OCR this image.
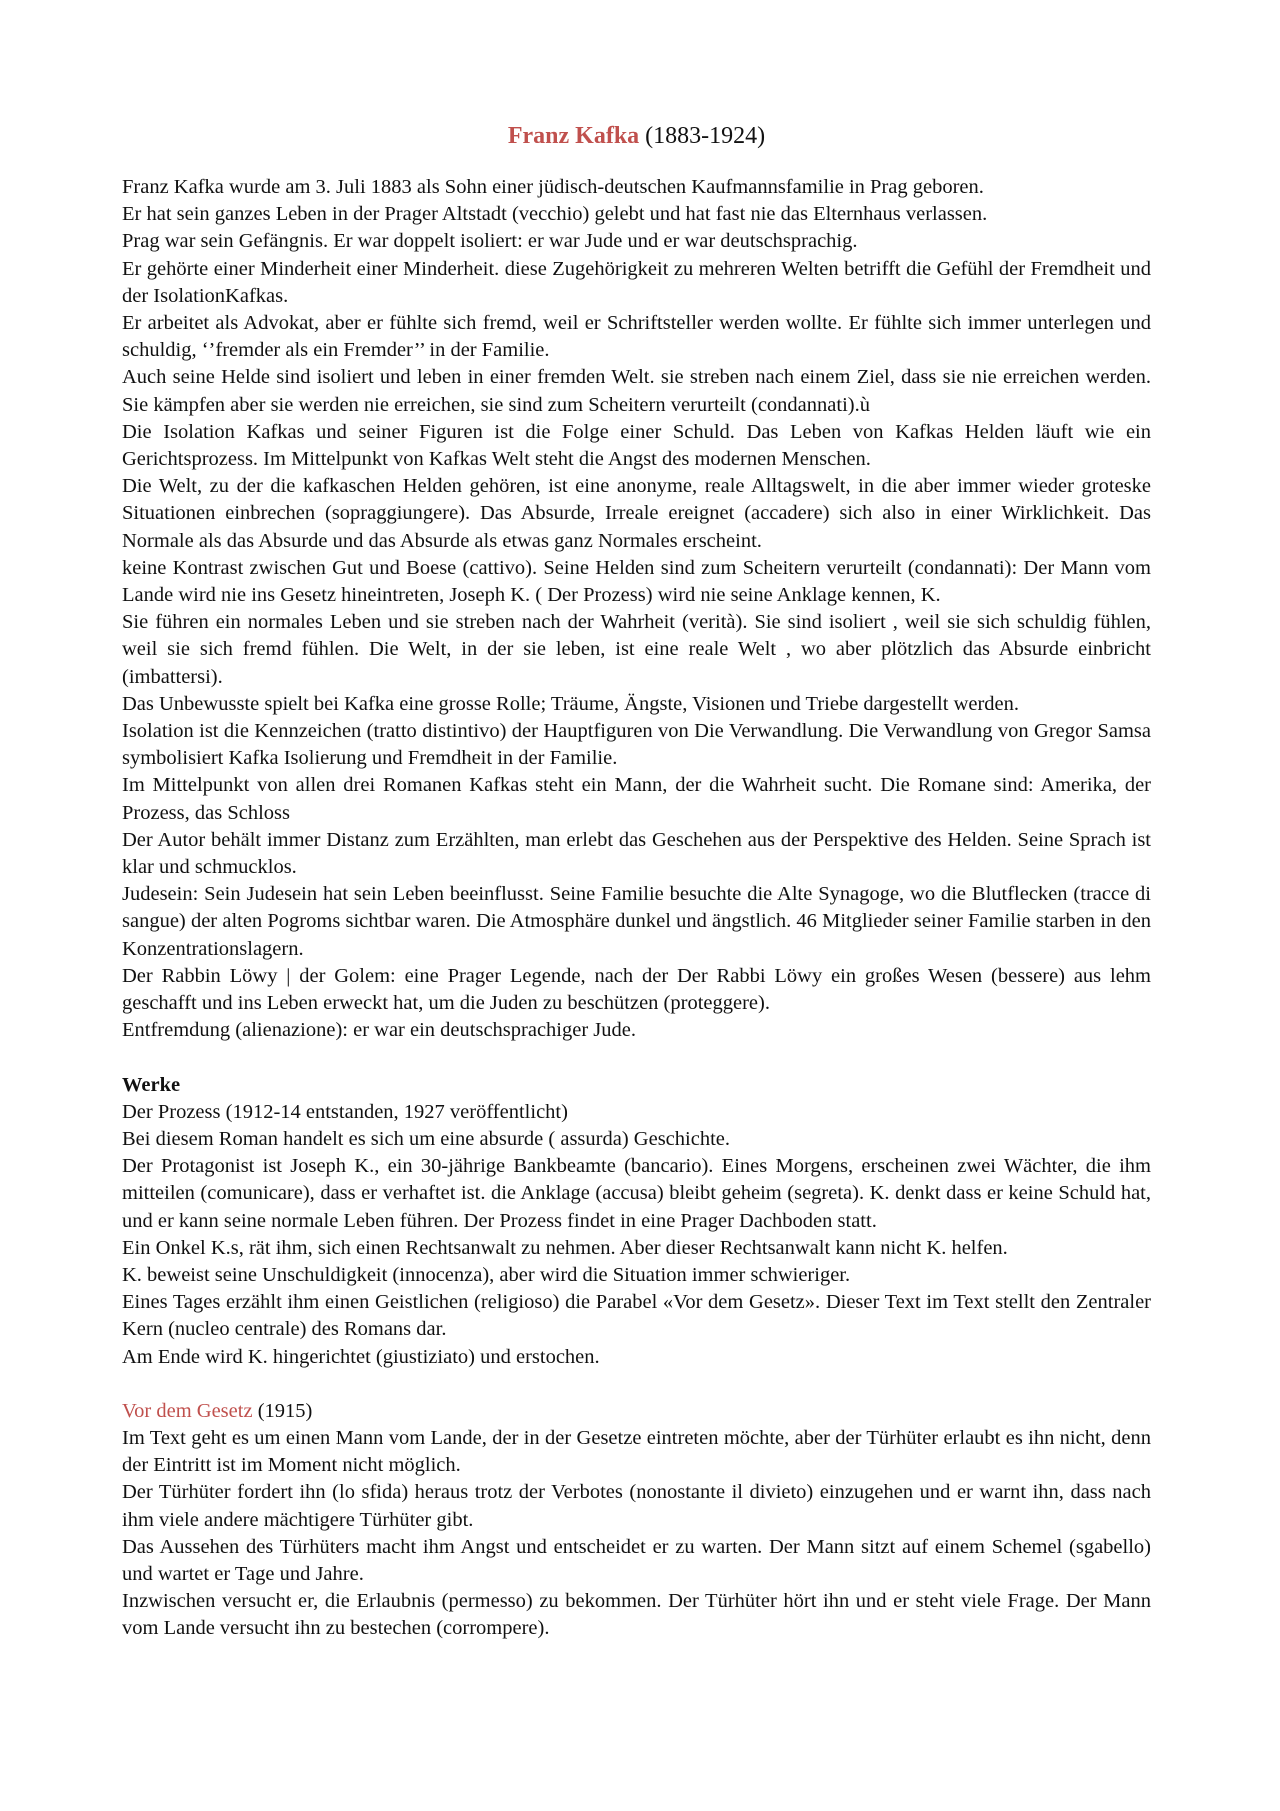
Franz Kafka (1883-1924)

Franz Kafka wurde am 3. Juli 1883 als Sohn einer jüdisch-deutschen Kaufmannsfamilie in Prag geboren.

Er hat sein ganzes Leben in der Prager Altstadt (vecchio) gelebt und hat fast nie das Elternhaus verlassen.

Prag war sein Gefängnis. Er war doppelt isoliert: er war Jude und er war deutschsprachig.

Er gehörte einer Minderheit einer Minderheit. diese Zugehörigkeit zu mehreren Welten betrifft die Gefühl der Fremdheit und der IsolationKafkas.

Er arbeitet als Advokat, aber er fühlte sich fremd, weil er Schriftsteller werden wollte. Er fühlte sich immer unterlegen und schuldig, ‘’fremder als ein Fremder’’ in der Familie.

Auch seine Helde sind isoliert und leben in einer fremden Welt. sie streben nach einem Ziel, dass sie nie erreichen werden. Sie kämpfen aber sie werden nie erreichen, sie sind zum Scheitern verurteilt (condannati).ù

Die Isolation Kafkas und seiner Figuren ist die Folge einer Schuld. Das Leben von Kafkas Helden läuft wie ein Gerichtsprozess. Im Mittelpunkt von Kafkas Welt steht die Angst des modernen Menschen.

Die Welt, zu der die kafkaschen Helden gehören, ist eine anonyme, reale Alltagswelt, in die aber immer wieder groteske Situationen einbrechen (sopraggiungere). Das Absurde, Irreale ereignet (accadere) sich also in einer Wirklichkeit. Das Normale als das Absurde und das Absurde als etwas ganz Normales erscheint.

keine Kontrast zwischen Gut und Boese (cattivo). Seine Helden sind zum Scheitern verurteilt (condannati): Der Mann vom Lande wird nie ins Gesetz hineintreten, Joseph K. ( Der Prozess) wird nie seine Anklage kennen, K.

Sie führen ein normales Leben und sie streben nach der Wahrheit (verità). Sie sind isoliert , weil sie sich schuldig fühlen, weil sie sich fremd fühlen. Die Welt, in der sie leben, ist eine reale Welt , wo aber plötzlich das Absurde einbricht (imbattersi).

Das Unbewusste spielt bei Kafka eine grosse Rolle; Träume, Ängste, Visionen und Triebe dargestellt werden.

Isolation ist die Kennzeichen (tratto distintivo) der Hauptfiguren von Die Verwandlung. Die Verwandlung von Gregor Samsa symbolisiert Kafka Isolierung und Fremdheit in der Familie.

Im Mittelpunkt von allen drei Romanen Kafkas steht ein Mann, der die Wahrheit sucht. Die Romane sind: Amerika, der Prozess, das Schloss

Der Autor behält immer Distanz zum Erzählten, man erlebt das Geschehen aus der Perspektive des Helden. Seine Sprach ist klar und schmucklos.

Judesein: Sein Judesein hat sein Leben beeinflusst. Seine Familie besuchte die Alte Synagoge, wo die Blutflecken (tracce di sangue) der alten Pogroms sichtbar waren. Die Atmosphäre dunkel und ängstlich. 46 Mitglieder seiner Familie starben in den Konzentrationslagern.

Der Rabbin Löwy | der Golem: eine Prager Legende, nach der Der Rabbi Löwy ein großes Wesen (bessere) aus lehm geschafft und ins Leben erweckt hat, um die Juden zu beschützen (proteggere).

Entfremdung (alienazione): er war ein deutschsprachiger Jude.

Werke

Der Prozess (1912-14 entstanden, 1927 veröffentlicht)

Bei diesem Roman handelt es sich um eine absurde ( assurda) Geschichte.

Der Protagonist ist Joseph K., ein 30-jährige Bankbeamte (bancario). Eines Morgens, erscheinen zwei Wächter, die ihm mitteilen (comunicare), dass er verhaftet ist. die Anklage (accusa) bleibt geheim (segreta). K. denkt dass er keine Schuld hat, und er kann seine normale Leben führen. Der Prozess findet in eine Prager Dachboden statt.

Ein Onkel K.s, rät ihm, sich einen Rechtsanwalt zu nehmen. Aber dieser Rechtsanwalt kann nicht K. helfen.

K. beweist seine Unschuldigkeit (innocenza), aber wird die Situation immer schwieriger.

Eines Tages erzählt ihm einen Geistlichen (religioso) die Parabel «Vor dem Gesetz». Dieser Text im Text stellt den Zentraler Kern (nucleo centrale) des Romans dar.

Am Ende wird K. hingerichtet (giustiziato) und erstochen.

Vor dem Gesetz (1915)

Im Text geht es um einen Mann vom Lande, der in der Gesetze eintreten möchte, aber der Türhüter erlaubt es ihn nicht, denn der Eintritt ist im Moment nicht möglich.

Der Türhüter fordert ihn (lo sfida) heraus trotz der Verbotes (nonostante il divieto) einzugehen und er warnt ihn, dass nach ihm viele andere mächtigere Türhüter gibt.

Das Aussehen des Türhüters macht ihm Angst und entscheidet er zu warten. Der Mann sitzt auf einem Schemel (sgabello) und wartet er Tage und Jahre.

Inzwischen versucht er, die Erlaubnis (permesso) zu bekommen. Der Türhüter hört ihn und er steht viele Frage. Der Mann vom Lande versucht ihn zu bestechen (corrompere).
